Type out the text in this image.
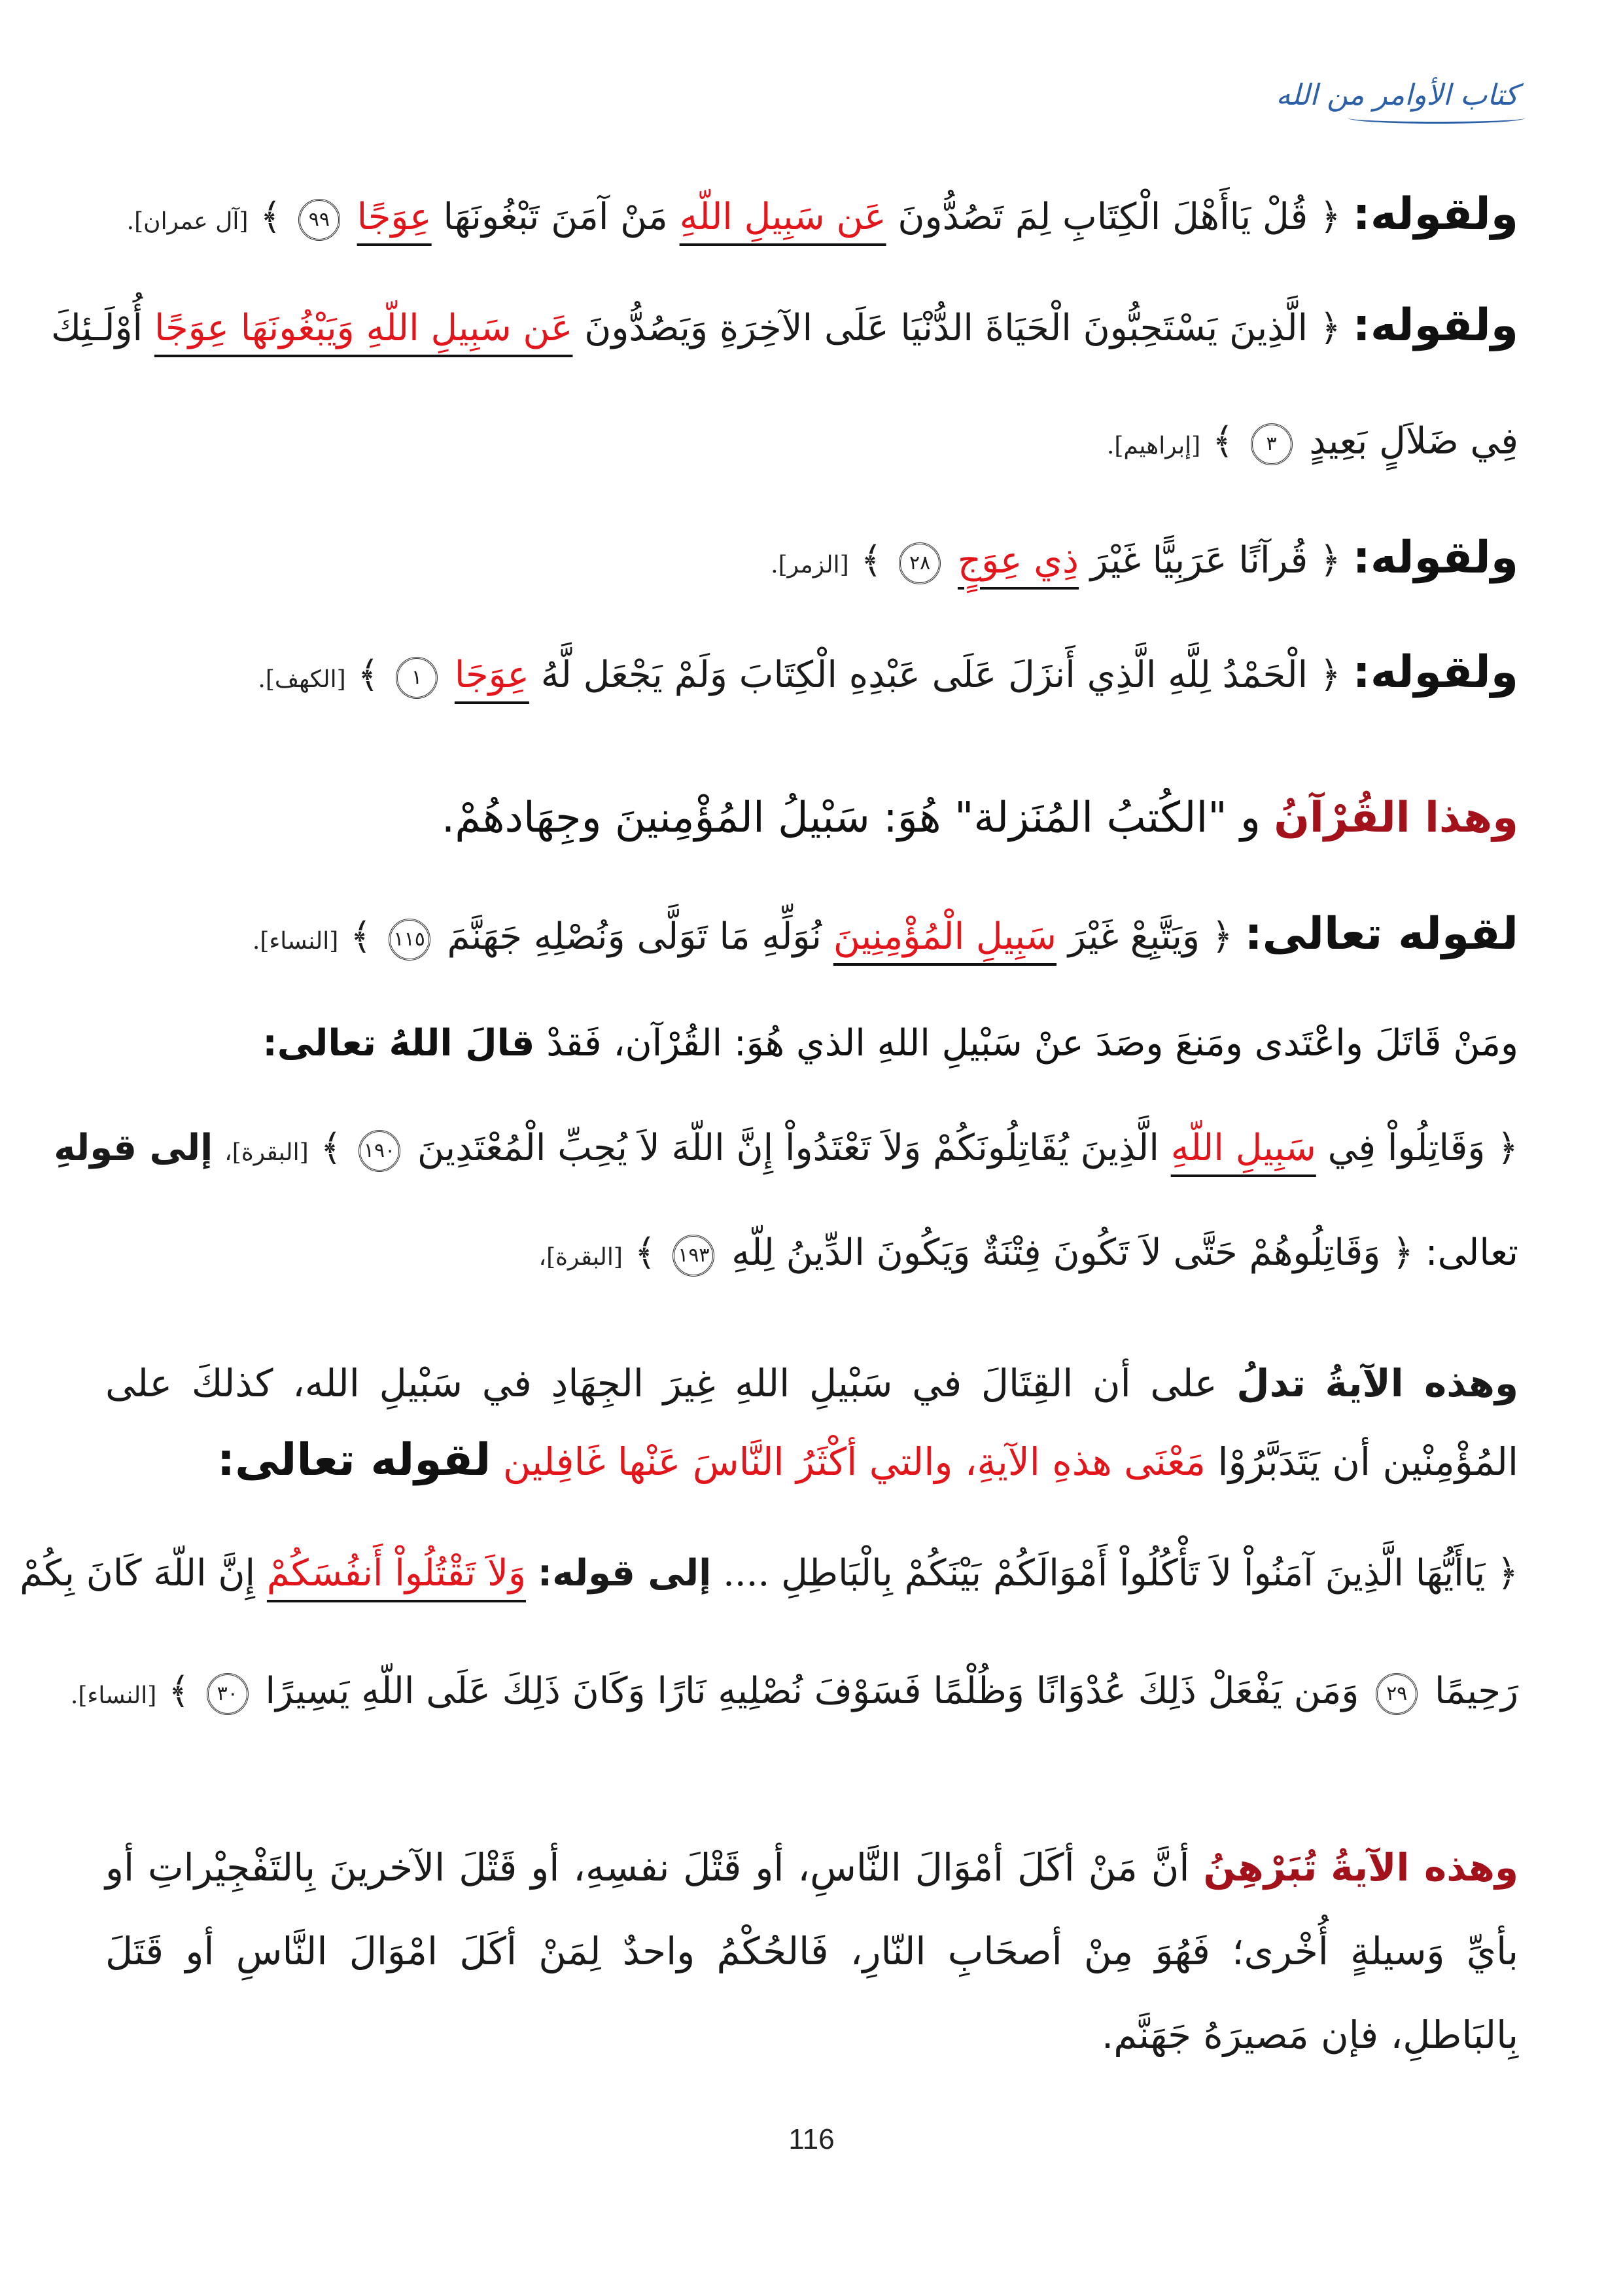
كتاب الأوامر من الله
ولقوله: ﴿ قُلْ يَاأَهْلَ الْكِتَابِ لِمَ تَصُدُّونَ عَن سَبِيلِ اللّهِ مَنْ آمَنَ تَبْغُونَهَا عِوَجًا ٩٩ ﴾ [آل عمران].
ولقوله: ﴿ الَّذِينَ يَسْتَحِبُّونَ الْحَيَاةَ الدُّنْيَا عَلَى الآخِرَةِ وَيَصُدُّونَ عَن سَبِيلِ اللّهِ وَيَبْغُونَهَا عِوَجًا أُوْلَـئِكَ
فِي ضَلاَلٍ بَعِيدٍ ٣ ﴾ [إبراهيم].
ولقوله: ﴿ قُرآنًا عَرَبِيًّا غَيْرَ ذِي عِوَجٍ ٢٨ ﴾ [الزمر].
ولقوله: ﴿ الْحَمْدُ لِلَّهِ الَّذِي أَنزَلَ عَلَى عَبْدِهِ الْكِتَابَ وَلَمْ يَجْعَل لَّهُ عِوَجَا ١ ﴾ [الكهف].
وهذا القُرْآنُ و "الكُتبُ المُنَزلة" هُوَ: سَبْيلُ المُؤْمِنينَ وجِهَادهُمْ.
لقوله تعالى: ﴿ وَيَتَّبِعْ غَيْرَ سَبِيلِ الْمُؤْمِنِينَ نُوَلِّهِ مَا تَوَلَّى وَنُصْلِهِ جَهَنَّمَ ١١٥ ﴾ [النساء].
ومَنْ قَاتَلَ واعْتَدى ومَنعَ وصَدَ عنْ سَبْيلِ اللهِ الذي هُوَ: القُرْآن، فَقدْ قالَ اللهُ تعالى:
﴿ وَقَاتِلُواْ فِي سَبِيلِ اللّهِ الَّذِينَ يُقَاتِلُونَكُمْ وَلاَ تَعْتَدُواْ إِنَّ اللّهَ لاَ يُحِبِّ الْمُعْتَدِينَ ١٩٠ ﴾ [البقرة]، إلى قولهِ
تعالى: ﴿ وَقَاتِلُوهُمْ حَتَّى لاَ تَكُونَ فِتْنَةٌ وَيَكُونَ الدِّينُ لِلّهِ ١٩٣ ﴾ [البقرة]،
وهذه الآيةُ تدلُ على أن القِتَالَ في سَبْيلِ اللهِ غِيرَ الجِهَادِ في سَبْيلِ الله، كذلكَ على المُؤْمِنْين أن يَتَدَبَّرُوْا مَعْنَى هذهِ الآيةِ، والتي أكْثَرُ النَّاسَ عَنْها غَافِلين لقوله تعالى:
﴿ يَاأَيُّهَا الَّذِينَ آمَنُواْ لاَ تَأْكُلُواْ أَمْوَالَكُمْ بَيْنَكُمْ بِالْبَاطِلِ .... إلى قوله: وَلاَ تَقْتُلُواْ أَنفُسَكُمْ إِنَّ اللّهَ كَانَ بِكُمْ
رَحِيمًا ٢٩ وَمَن يَفْعَلْ ذَلِكَ عُدْوَانًا وَظُلْمًا فَسَوْفَ نُصْلِيهِ نَارًا وَكَانَ ذَلِكَ عَلَى اللّهِ يَسِيرًا ٣٠ ﴾ [النساء].
وهذه الآيةُ تُبَرْهِنُ أنَّ مَنْ أكَلَ أمْوَالَ النَّاسِ، أو قَتْلَ نفسِهِ، أو قَتْلَ الآخرينَ بِالتَفْجِيْراتِ أو بأيِّ وَسيلةٍ أُخْرى؛ فَهُوَ مِنْ أصحَابِ النّارِ، فَالحُكْمُ واحدٌ لِمَنْ أكَلَ امْوَالَ النَّاسِ أو قَتَلَ بِالبَاطلِ، فإن مَصيرَهُ جَهَنَّم.
116
